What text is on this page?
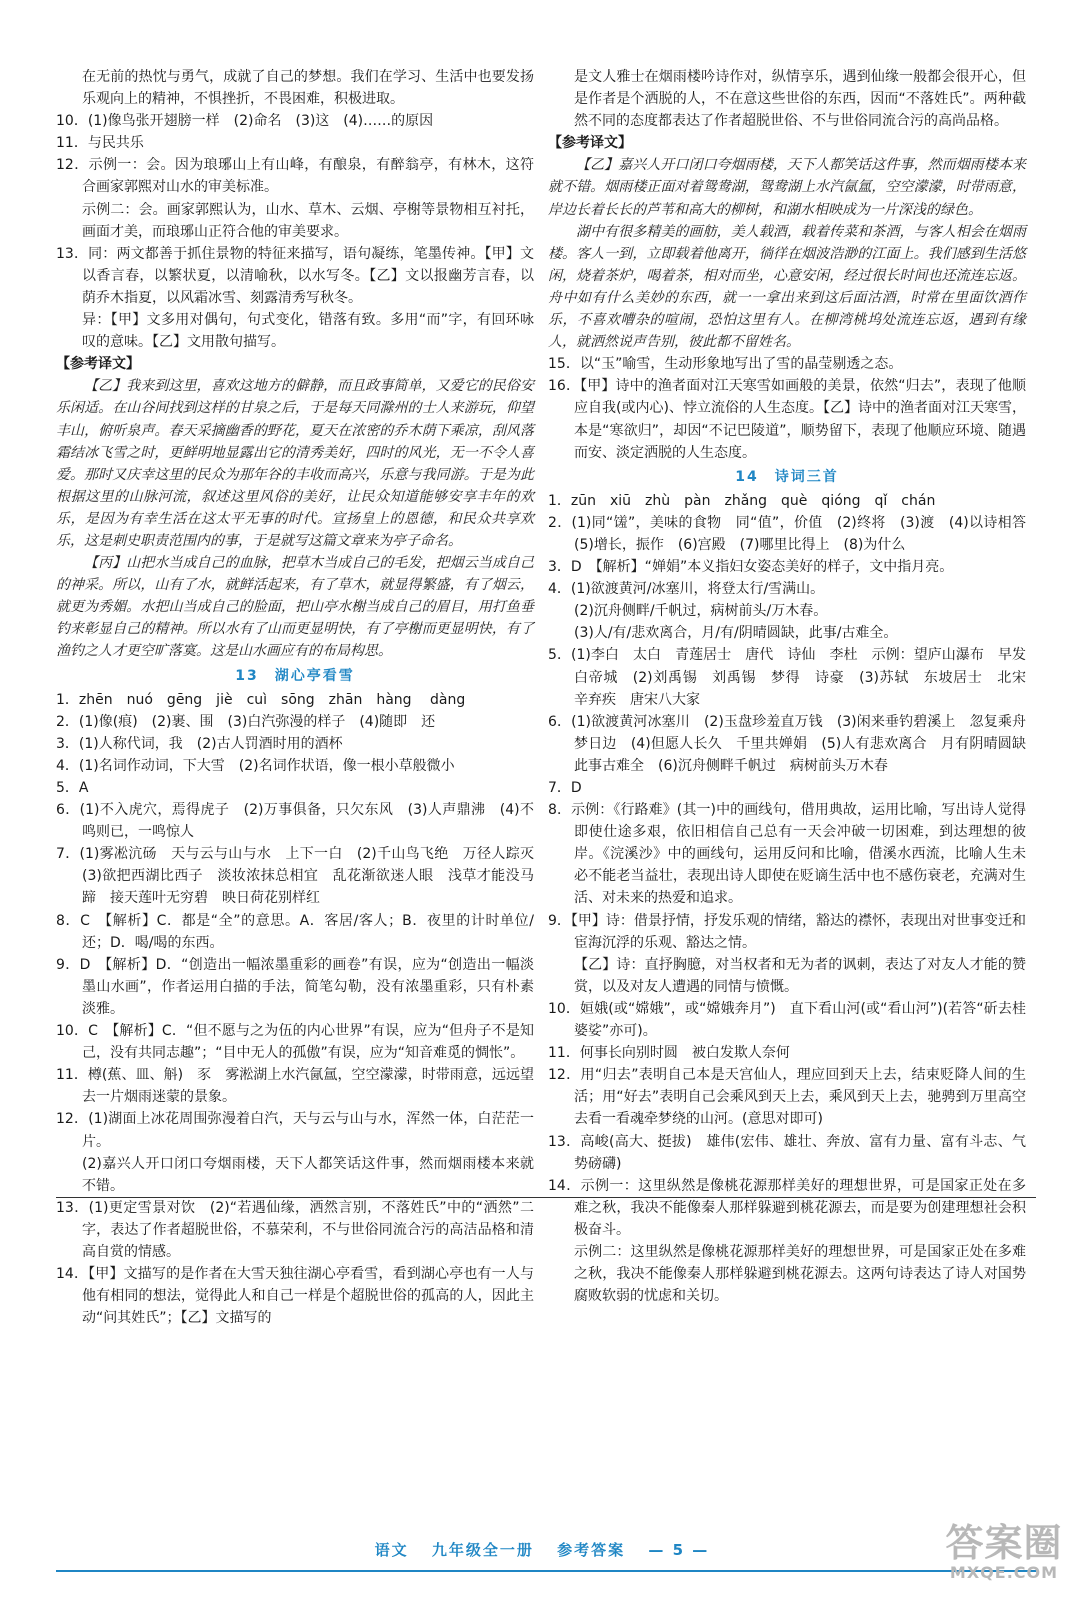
在无前的热忱与勇气，成就了自己的梦想。我们在学习、生活中也要发扬乐观向上的精神，不惧挫折，不畏困难，积极进取。

10．(1)像鸟张开翅膀一样　(2)命名　(3)这　(4)……的原因

11．与民共乐

12．示例一：会。因为琅琊山上有山峰，有酿泉，有醉翁亭，有林木，这符合画家郭熙对山水的审美标准。

示例二：会。画家郭熙认为，山水、草木、云烟、亭榭等景物相互衬托，画面才美，而琅琊山正符合他的审美要求。

13．同：两文都善于抓住景物的特征来描写，语句凝练，笔墨传神。【甲】文以香言春，以繁状夏，以清喻秋，以水写冬。【乙】文以报幽芳言春，以荫乔木指夏，以风霜冰雪、刻露清秀写秋冬。

异：【甲】文多用对偶句，句式变化，错落有致。多用“而”字，有回环咏叹的意味。【乙】文用散句描写。

【参考译文】

【乙】我来到这里，喜欢这地方的僻静，而且政事简单，又爱它的民俗安乐闲适。在山谷间找到这样的甘泉之后，于是每天同滁州的士人来游玩，仰望丰山，俯听泉声。春天采摘幽香的野花，夏天在浓密的乔木荫下乘凉，刮风落霜结冰飞雪之时，更鲜明地显露出它的清秀美好，四时的风光，无一不令人喜爱。那时又庆幸这里的民众为那年谷的丰收而高兴，乐意与我同游。于是为此根据这里的山脉河流，叙述这里风俗的美好，让民众知道能够安享丰年的欢乐，是因为有幸生活在这太平无事的时代。宣扬皇上的恩德，和民众共享欢乐，这是刺史职责范围内的事，于是就写这篇文章来为亭子命名。

【丙】山把水当成自己的血脉，把草木当成自己的毛发，把烟云当成自己的神采。所以，山有了水，就鲜活起来，有了草木，就显得繁盛，有了烟云，就更为秀媚。水把山当成自己的脸面，把山亭水榭当成自己的眉目，用打鱼垂钓来彰显自己的精神。所以水有了山而更显明快，有了亭榭而更显明快，有了渔钓之人才更空旷落寞。这是山水画应有的布局构思。

13　湖心亭看雪

1．zhēn　nuó　gēng　jiè　cuì　sōng　zhān　hàng dàng

2．(1)像(痕)　(2)裹、围　(3)白汽弥漫的样子　(4)随即　还

3．(1)人称代词，我　(2)古人罚酒时用的酒杯

4．(1)名词作动词，下大雪　(2)名词作状语，像一根小草般微小

5．A

6．(1)不入虎穴，焉得虎子　(2)万事俱备，只欠东风　(3)人声鼎沸　(4)不鸣则已，一鸣惊人

7．(1)雾凇沆砀　天与云与山与水　上下一白　(2)千山鸟飞绝　万径人踪灭　(3)欲把西湖比西子　淡妆浓抹总相宜　乱花渐欲迷人眼　浅草才能没马蹄　接天莲叶无穷碧　映日荷花别样红

8．C　【解析】C．都是“全”的意思。A．客居/客人；B．夜里的计时单位/还；D．喝/喝的东西。

9．D　【解析】D．“创造出一幅浓墨重彩的画卷”有误，应为“创造出一幅淡墨山水画”，作者运用白描的手法，简笔勾勒，没有浓墨重彩，只有朴素淡雅。

10．C　【解析】C．“但不愿与之为伍的内心世界”有误，应为“但舟子不是知己，没有共同志趣”；“目中无人的孤傲”有误，应为“知音难觅的惆怅”。

11．樽(蕉、皿、斛)　豕　雾淞湖上水汽氤氲，空空濛濛，时带雨意，远远望去一片烟雨迷蒙的景象。

12．(1)湖面上冰花周围弥漫着白汽，天与云与山与水，浑然一体，白茫茫一片。

(2)嘉兴人开口闭口夸烟雨楼，天下人都笑话这件事，然而烟雨楼本来就不错。

13．(1)更定雪景对饮　(2)“若遇仙缘，洒然言别，不落姓氏”中的“洒然”二字，表达了作者超脱世俗，不慕荣利，不与世俗同流合污的高洁品格和清高自赏的情感。

14．【甲】文描写的是作者在大雪天独往湖心亭看雪，看到湖心亭也有一人与他有相同的想法，觉得此人和自己一样是个超脱世俗的孤高的人，因此主动“问其姓氏”；【乙】文描写的

是文人雅士在烟雨楼吟诗作对，纵情享乐，遇到仙缘一般都会很开心，但是作者是个洒脱的人，不在意这些世俗的东西，因而“不落姓氏”。两种截然不同的态度都表达了作者超脱世俗、不与世俗同流合污的高尚品格。

【参考译文】

【乙】嘉兴人开口闭口夸烟雨楼，天下人都笑话这件事，然而烟雨楼本来就不错。烟雨楼正面对着鸳鸯湖，鸳鸯湖上水汽氤氲，空空濛濛，时带雨意，岸边长着长长的芦苇和高大的柳树，和湖水相映成为一片深浅的绿色。

湖中有很多精美的画舫，美人载酒，载着传菜和茶酒，与客人相会在烟雨楼。客人一到，立即载着他离开，徜徉在烟波浩渺的江面上。我们感到生活悠闲，烧着茶炉，喝着茶，相对而坐，心意安闲，经过很长时间也还流连忘返。舟中如有什么美妙的东西，就一一拿出来到这后面沽酒，时常在里面饮酒作乐，不喜欢嘈杂的喧闹，恐怕这里有人。在柳湾桃坞处流连忘返，遇到有缘人，就洒然说声告别，彼此都不留姓名。

15．以“玉”喻雪，生动形象地写出了雪的晶莹剔透之态。

16．【甲】诗中的渔者面对江天寒雪如画般的美景，依然“归去”，表现了他顺应自我(或内心)、悖立流俗的人生态度。【乙】诗中的渔者面对江天寒雪，本是“寒欲归”，却因“不记巴陵道”，顺势留下，表现了他顺应环境、随遇而安、淡定洒脱的人生态度。

14　诗词三首

1．zūn　xiū　zhù　pàn　zhǎng　què　qióng　qǐ　chán

2．(1)同“馐”，美味的食物　同“值”，价值　(2)终将　(3)渡　(4)以诗相答　(5)增长，振作　(6)宫殿　(7)哪里比得上　(8)为什么

3．D　【解析】“婵娟”本义指妇女姿态美好的样子，文中指月亮。

4．(1)欲渡黄河/冰塞川，将登太行/雪满山。

(2)沉舟侧畔/千帆过，病树前头/万木春。

(3)人/有/悲欢离合，月/有/阴晴圆缺，此事/古难全。

5．(1)李白　太白　青莲居士　唐代　诗仙　李杜　示例：望庐山瀑布　早发白帝城　(2)刘禹锡　刘禹锡　梦得　诗豪　(3)苏轼　东坡居士　北宋　辛弃疾　唐宋八大家

6．(1)欲渡黄河冰塞川　(2)玉盘珍羞直万钱　(3)闲来垂钓碧溪上　忽复乘舟梦日边　(4)但愿人长久　千里共婵娟　(5)人有悲欢离合　月有阴晴圆缺　此事古难全　(6)沉舟侧畔千帆过　病树前头万木春

7．D

8．示例：《行路难》(其一)中的画线句，借用典故，运用比喻，写出诗人觉得即使仕途多艰，依旧相信自己总有一天会冲破一切困难，到达理想的彼岸。《浣溪沙》中的画线句，运用反问和比喻，借溪水西流，比喻人生未必不能老当益壮，表现出诗人即使在贬谪生活中也不感伤衰老，充满对生活、对未来的热爱和追求。

9．【甲】诗：借景抒情，抒发乐观的情绪，豁达的襟怀，表现出对世事变迁和宦海沉浮的乐观、豁达之情。

【乙】诗：直抒胸臆，对当权者和无为者的讽刺，表达了对友人才能的赞赏，以及对友人遭遇的同情与愤慨。

10．姮娥(或“嫦娥”，或“嫦娥奔月”)　直下看山河(或“看山河”)(若答“斫去桂婆娑”亦可)。

11．何事长向别时圆　被白发欺人奈何

12．用“归去”表明自己本是天宫仙人，理应回到天上去，结束贬降人间的生活；用“好去”表明自己会乘风到天上去，乘风到天上去，驰骋到万里高空去看一看魂牵梦绕的山河。(意思对即可)

13．高峻(高大、挺拔)　雄伟(宏伟、雄壮、奔放、富有力量、富有斗志、气势磅礴)

14．示例一：这里纵然是像桃花源那样美好的理想世界，可是国家正处在多难之秋，我决不能像秦人那样躲避到桃花源去，而是要为创建理想社会积极奋斗。

示例二：这里纵然是像桃花源那样美好的理想世界，可是国家正处在多难之秋，我决不能像秦人那样躲避到桃花源去。这两句诗表达了诗人对国势腐败软弱的忧虑和关切。

语文 九年级全一册 参考答案 — 5 —	答案圈
MXQE.COM
